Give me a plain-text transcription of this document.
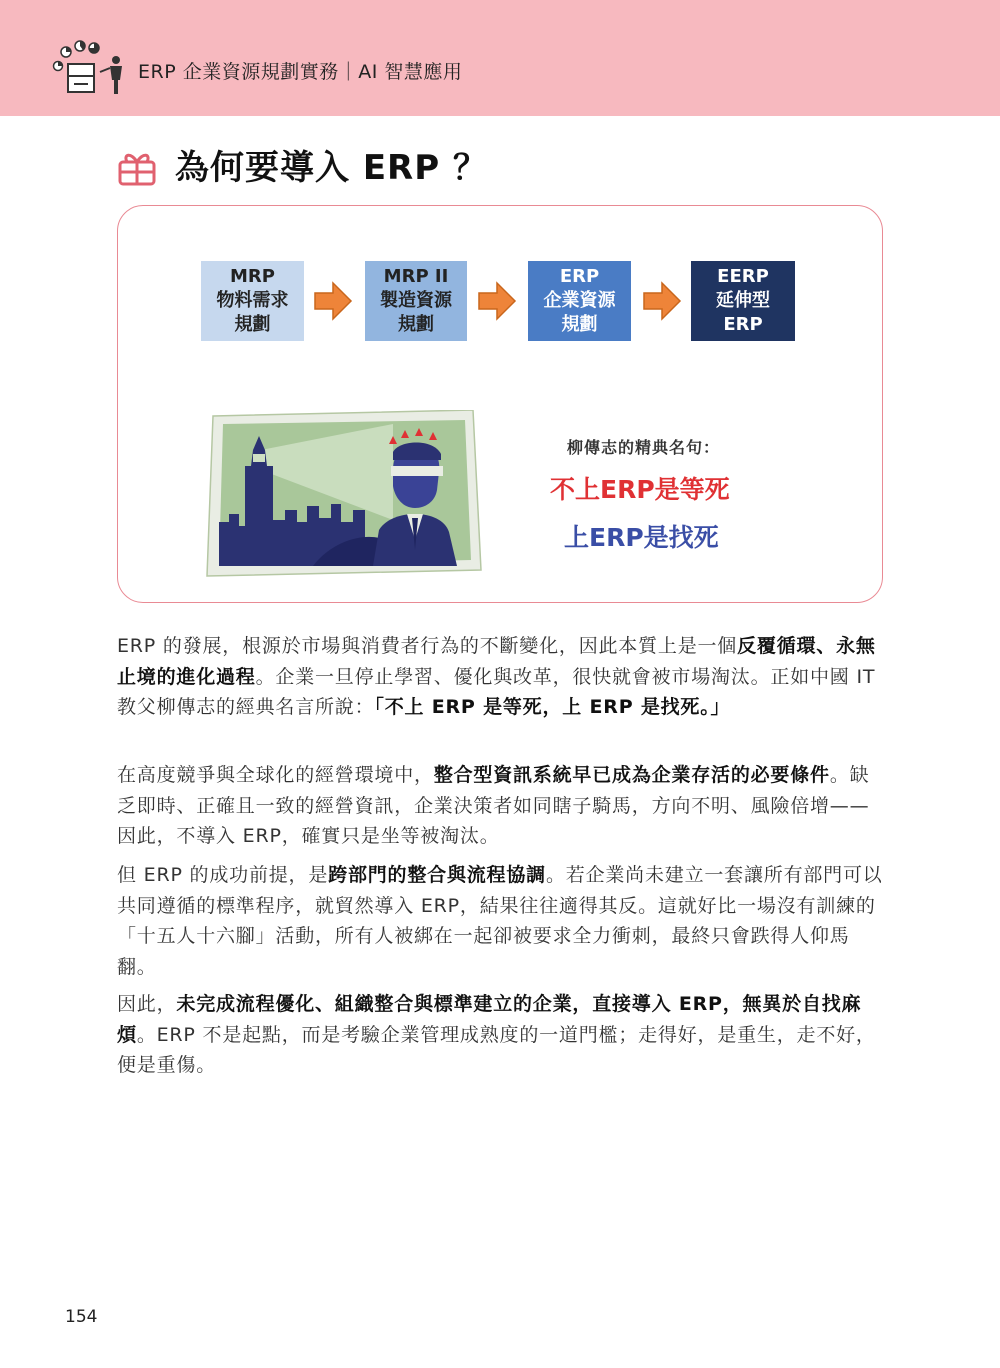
ERP 企業資源規劃實務｜AI 智慧應用
為何要導入 ERP ？
MRP
物料需求
規劃
MRP II
製造資源
規劃
ERP
企業資源
規劃
EERP
延伸型
ERP
柳傳志的精典名句：
不上ERP是等死
上ERP是找死

ERP 的發展，根源於市場與消費者行為的不斷變化，因此本質上是一個反覆循環、永無止境的進化過程。企業一旦停止學習、優化與改革，很快就會被市場淘汰。正如中國 IT 教父柳傳志的經典名言所說：「不上 ERP 是等死，上 ERP 是找死。」

在高度競爭與全球化的經營環境中，整合型資訊系統早已成為企業存活的必要條件。缺乏即時、正確且一致的經營資訊，企業決策者如同瞎子騎馬，方向不明、風險倍增——因此，不導入 ERP，確實只是坐等被淘汰。

但 ERP 的成功前提，是跨部門的整合與流程協調。若企業尚未建立一套讓所有部門可以共同遵循的標準程序，就貿然導入 ERP，結果往往適得其反。這就好比一場沒有訓練的「十五人十六腳」活動，所有人被綁在一起卻被要求全力衝刺，最終只會跌得人仰馬翻。

因此，未完成流程優化、組織整合與標準建立的企業，直接導入 ERP，無異於自找麻煩。ERP 不是起點，而是考驗企業管理成熟度的一道門檻；走得好，是重生，走不好，便是重傷。

154
